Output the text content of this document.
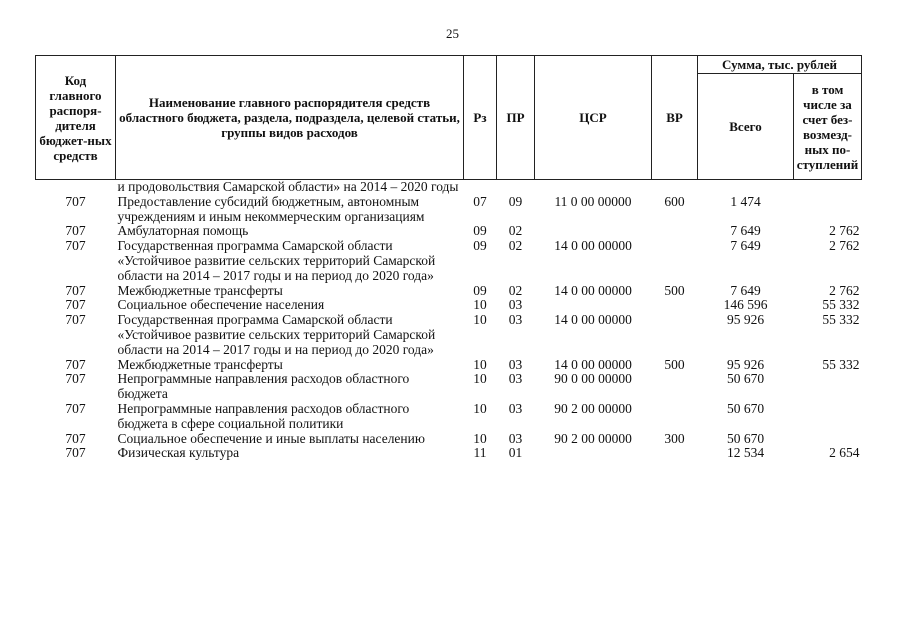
25
Код главного распоря-дителя бюджет-ных средств	Наименование главного распорядителя средств областного бюджета, раздела, подраздела, целевой статьи, группы видов расходов	Рз	ПР	ЦСР	ВР	Сумма, тыс. рублей	
						Всего	в том числе за счет без-возмезд-ных по-ступлений
	и продовольствия Самарской области» на 2014 – 2020 годы						
707	Предоставление субсидий бюджетным, автономным учреждениям и иным некоммерческим организациям	07	09	11 0 00 00000	600	1 474	
707	Амбулаторная помощь	09	02			7 649	2 762
707	Государственная программа Самарской области «Устойчивое развитие сельских территорий Самарской области на 2014 – 2017 годы и на период до 2020 года»	09	02	14 0 00 00000		7 649	2 762
707	Межбюджетные трансферты	09	02	14 0 00 00000	500	7 649	2 762
707	Социальное обеспечение населения	10	03			146 596	55 332
707	Государственная программа Самарской области «Устойчивое развитие сельских территорий Самарской области на 2014 – 2017 годы и на период до 2020 года»	10	03	14 0 00 00000		95 926	55 332
707	Межбюджетные трансферты	10	03	14 0 00 00000	500	95 926	55 332
707	Непрограммные направления расходов областного бюджета	10	03	90 0 00 00000		50 670	
707	Непрограммные направления расходов областного бюджета в сфере социальной политики	10	03	90 2 00 00000		50 670	
707	Социальное обеспечение и иные выплаты населению	10	03	90 2 00 00000	300	50 670	
707	Физическая культура	11	01			12 534	2 654
